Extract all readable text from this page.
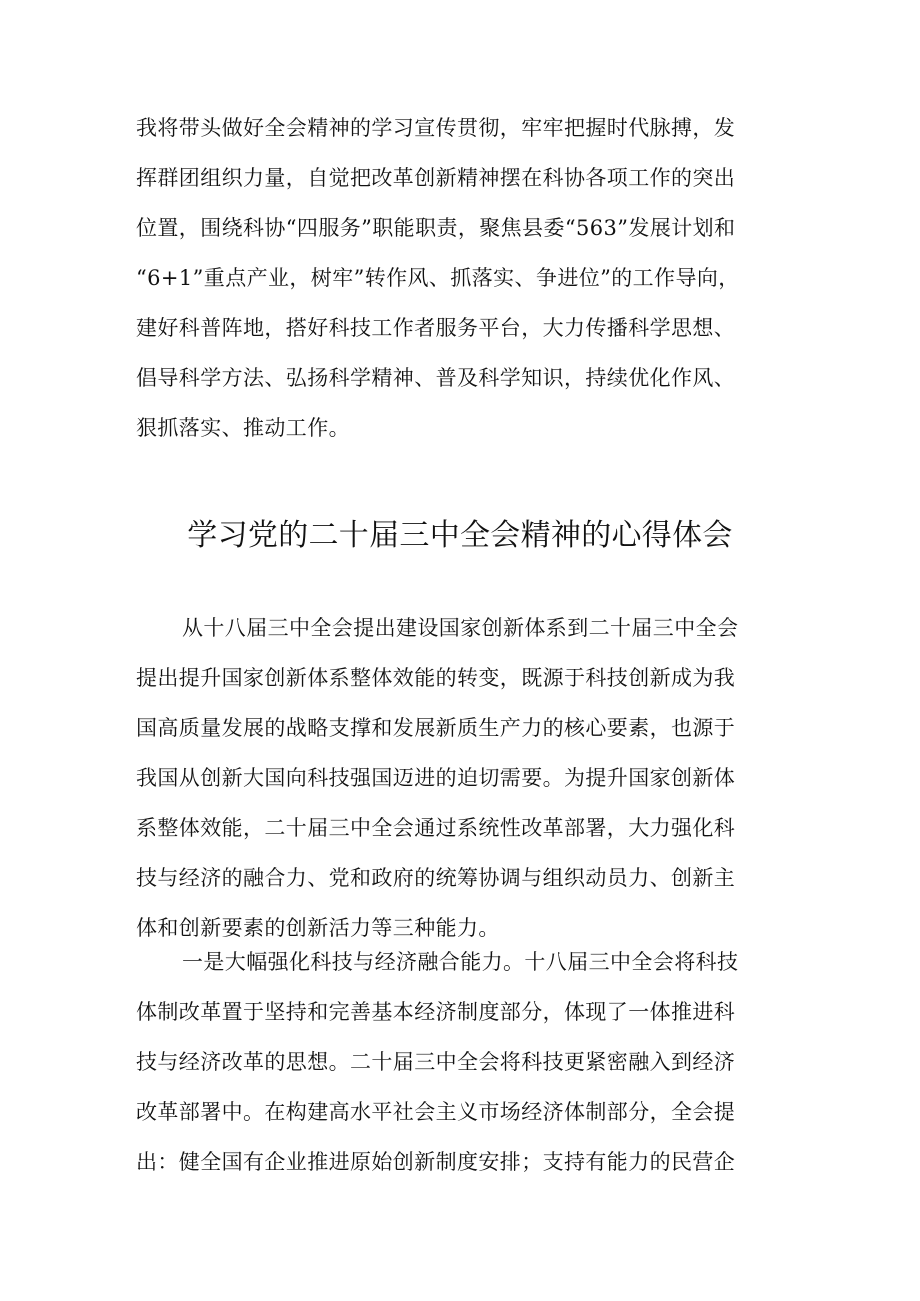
我将带头做好全会精神的学习宣传贯彻，牢牢把握时代脉搏，发
挥群团组织力量，自觉把改革创新精神摆在科协各项工作的突出
位置，围绕科协“四服务”职能职责，聚焦县委“563”发展计划和
“6+1”重点产业，树牢”转作风、抓落实、争进位”的工作导向，
建好科普阵地，搭好科技工作者服务平台，大力传播科学思想、
倡导科学方法、弘扬科学精神、普及科学知识，持续优化作风、
狠抓落实、推动工作。
学习党的二十届三中全会精神的心得体会
从十八届三中全会提出建设国家创新体系到二十届三中全会
提出提升国家创新体系整体效能的转变，既源于科技创新成为我
国高质量发展的战略支撑和发展新质生产力的核心要素，也源于
我国从创新大国向科技强国迈进的迫切需要。为提升国家创新体
系整体效能，二十届三中全会通过系统性改革部署，大力强化科
技与经济的融合力、党和政府的统筹协调与组织动员力、创新主
体和创新要素的创新活力等三种能力。
一是大幅强化科技与经济融合能力。十八届三中全会将科技
体制改革置于坚持和完善基本经济制度部分，体现了一体推进科
技与经济改革的思想。二十届三中全会将科技更紧密融入到经济
改革部署中。在构建高水平社会主义市场经济体制部分，全会提
出：健全国有企业推进原始创新制度安排；支持有能力的民营企
